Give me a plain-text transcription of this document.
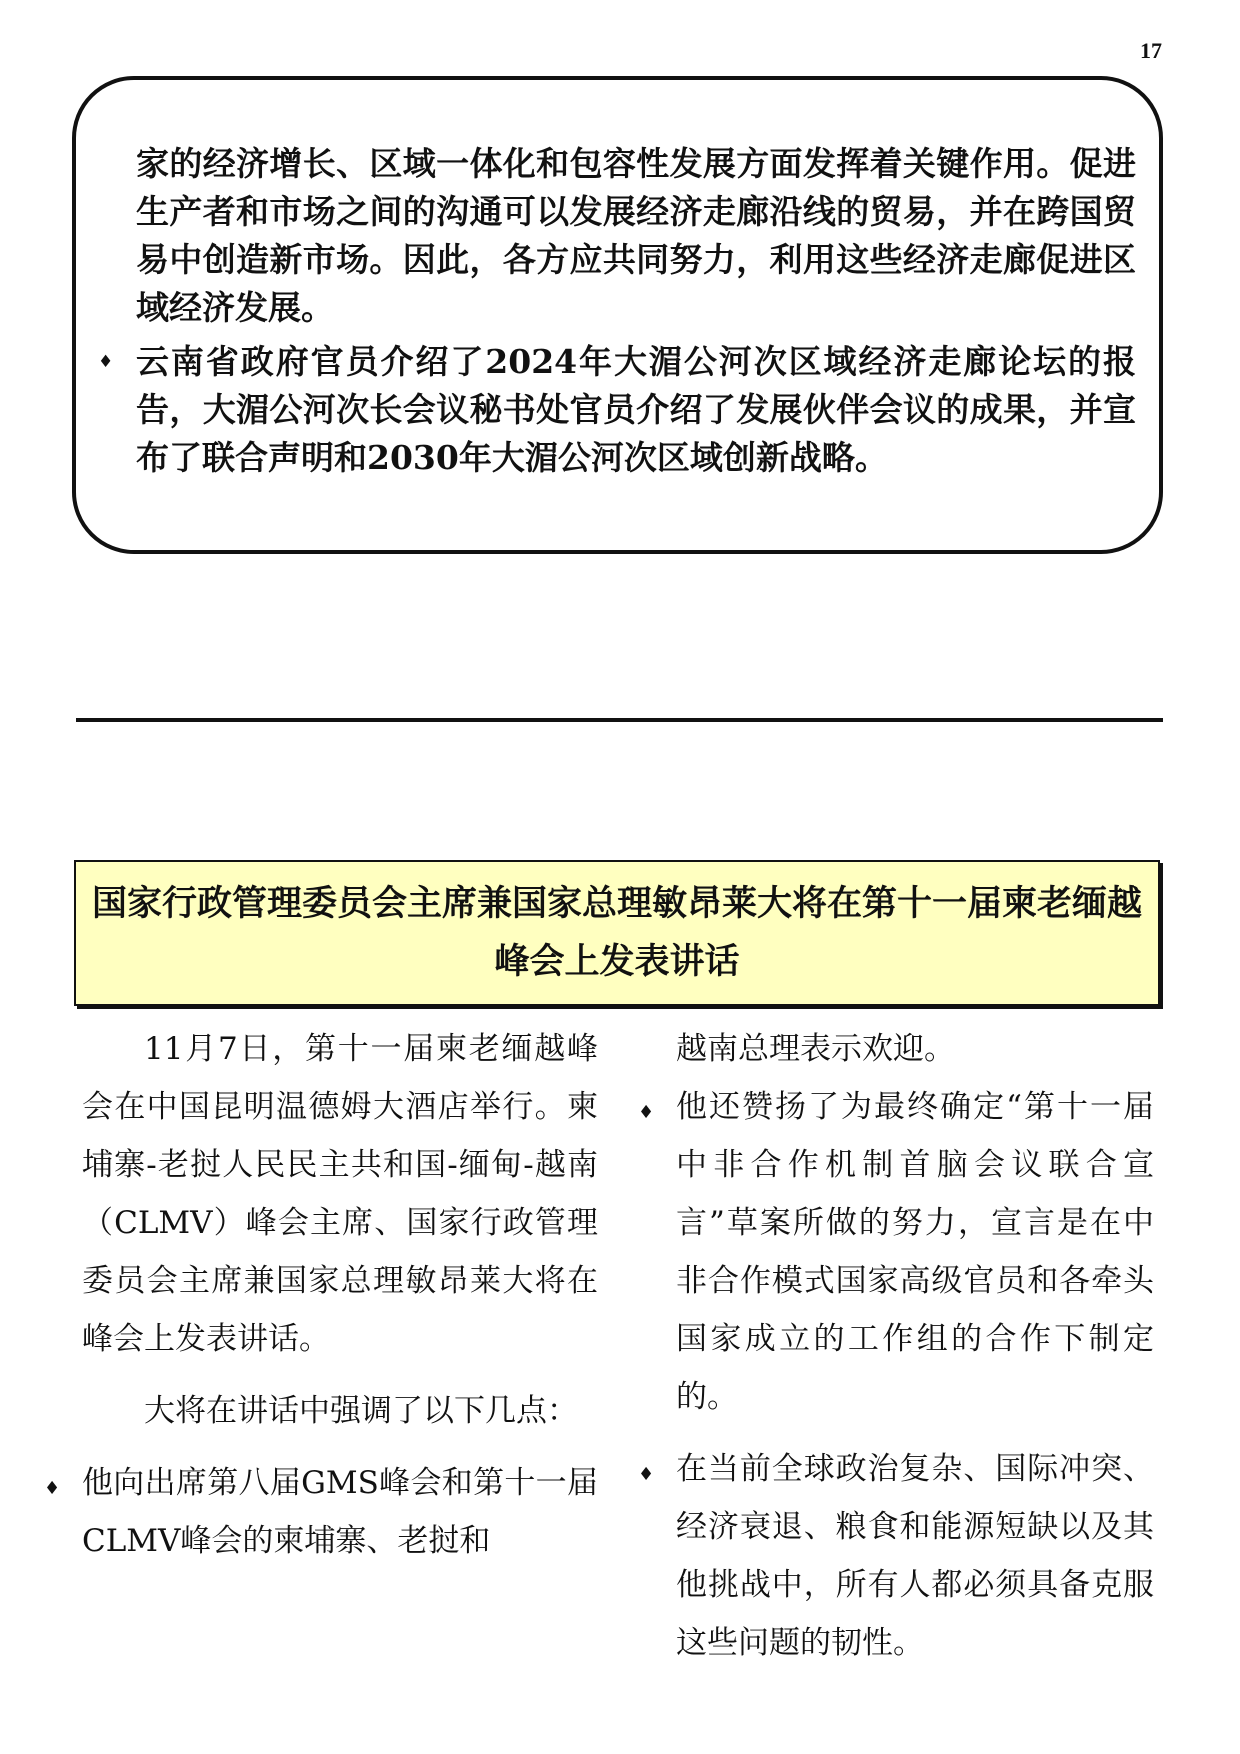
17

家的经济增长、区域一体化和包容性发展方面发挥着关键作用。促进生产者和市场之间的沟通可以发展经济走廊沿线的贸易，并在跨国贸易中创造新市场。因此，各方应共同努力，利用这些经济走廊促进区域经济发展。

♦ 云南省政府官员介绍了2024年大湄公河次区域经济走廊论坛的报告，大湄公河次长会议秘书处官员介绍了发展伙伴会议的成果，并宣布了联合声明和2030年大湄公河次区域创新战略。

国家行政管理委员会主席兼国家总理敏昂莱大将在第十一届柬老缅越峰会上发表讲话

11月7日，第十一届柬老缅越峰会在中国昆明温德姆大酒店举行。柬埔寨-老挝人民民主共和国-缅甸-越南（CLMV）峰会主席、国家行政管理委员会主席兼国家总理敏昂莱大将在峰会上发表讲话。

大将在讲话中强调了以下几点：

♦ 他向出席第八届GMS峰会和第十一届CLMV峰会的柬埔寨、老挝和

越南总理表示欢迎。

♦ 他还赞扬了为最终确定“第十一届中非合作机制首脑会议联合宣言”草案所做的努力，宣言是在中非合作模式国家高级官员和各牵头国家成立的工作组的合作下制定的。

♦ 在当前全球政治复杂、国际冲突、经济衰退、粮食和能源短缺以及其他挑战中，所有人都必须具备克服这些问题的韧性。
